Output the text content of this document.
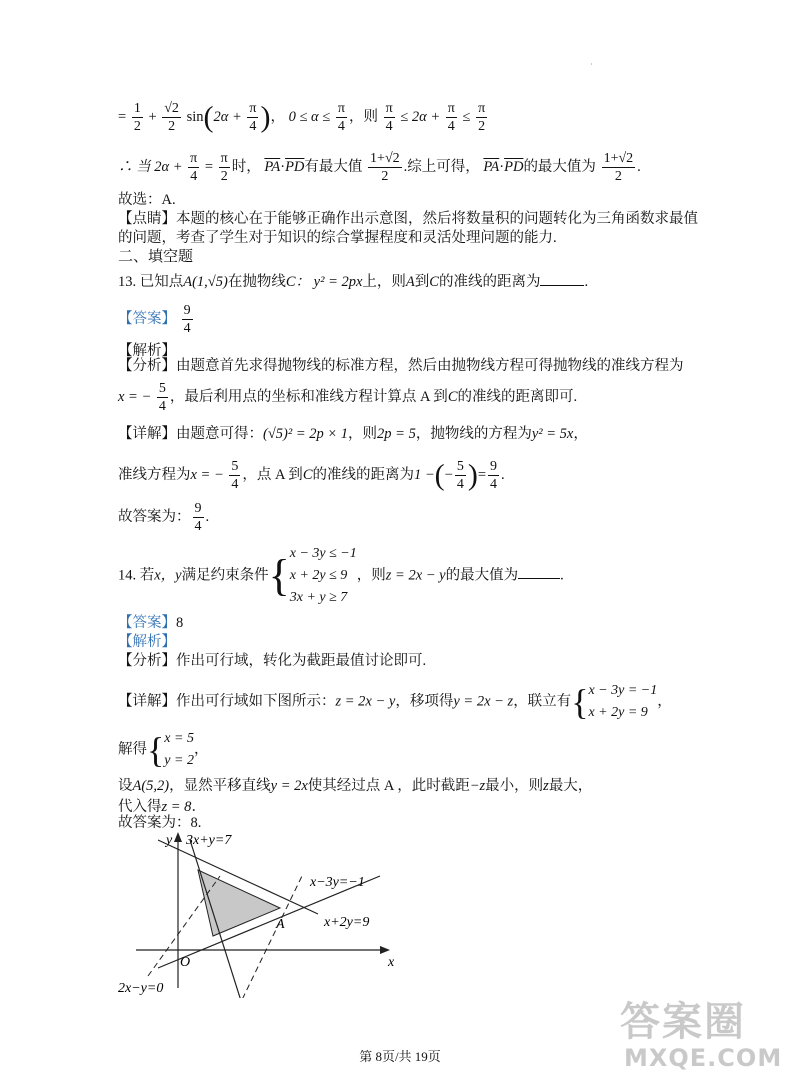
˙
= $\frac{1}{2} + \frac{√2}{2} \sin(2\alpha + \frac{\pi}{4}$ )， $0 \le \alpha \le \frac{\pi}{4}$ ，则 $\frac{\pi}{4} \le 2\alpha + \frac{\pi}{4} \le \frac{\pi}{2}$
∴ 当 $2\alpha + \frac{\pi}{4} = \frac{\pi}{2}$ 时， $\overline{PA}\cdot\overline{PD}$有最大值 $\frac{1+√2}{2}$ .综上可得， $\overline{PA}\cdot\overline{PD}$的最大值为 $\frac{1+√2}{2}$ .
故选：A.
【点睛】本题的核心在于能够正确作出示意图，然后将数量积的问题转化为三角函数求最值
的问题，考查了学生对于知识的综合掌握程度和灵活处理问题的能力.
二、填空题
13. 已知点A(1,√5)在抛物线C： y² = 2px上，则A到C的准线的距离为	.
【答案】 $\frac{9}{4}$
【解析】
【分析】由题意首先求得抛物线的标准方程，然后由抛物线方程可得抛物线的准线方程为
x = − $\frac{5}{4}$ ，最后利用点的坐标和准线方程计算点 A 到C的准线的距离即可.
【详解】由题意可得：(√5)² = 2p × 1，则2p = 5，抛物线的方程为y² = 5x，
准线方程为x = − $\frac{5}{4}$ ，点 A 到C的准线的距离为1 −(− $\frac{5}{4}$ )= $\frac{9}{4}$ .
故答案为： $\frac{9}{4}$ .
14. 若x，y满足约束条件{ x − 3y ≤ −1
x + 2y ≤ 9
3x + y ≥ 7
，则z = 2x − y的最大值为	.
【答案】8
【解析】
【分析】作出可行域，转化为截距最值讨论即可.
【详解】作出可行域如下图所示：z = 2x − y，移项得y = 2x − z，联立有{ x − 3y = −1
x + 2y = 9
，
解得{ x = 5
y = 2
，
设A(5,2)，显然平移直线y = 2x使其经过点 A ，此时截距−z最小，则z最大，
代入得z = 8．
故答案为：8.
y
x
O
A
3x+y=7
x−3y=−1
x+2y=9
2x−y=0
答案圈
MXQE.COM
第 8页/共 19页
